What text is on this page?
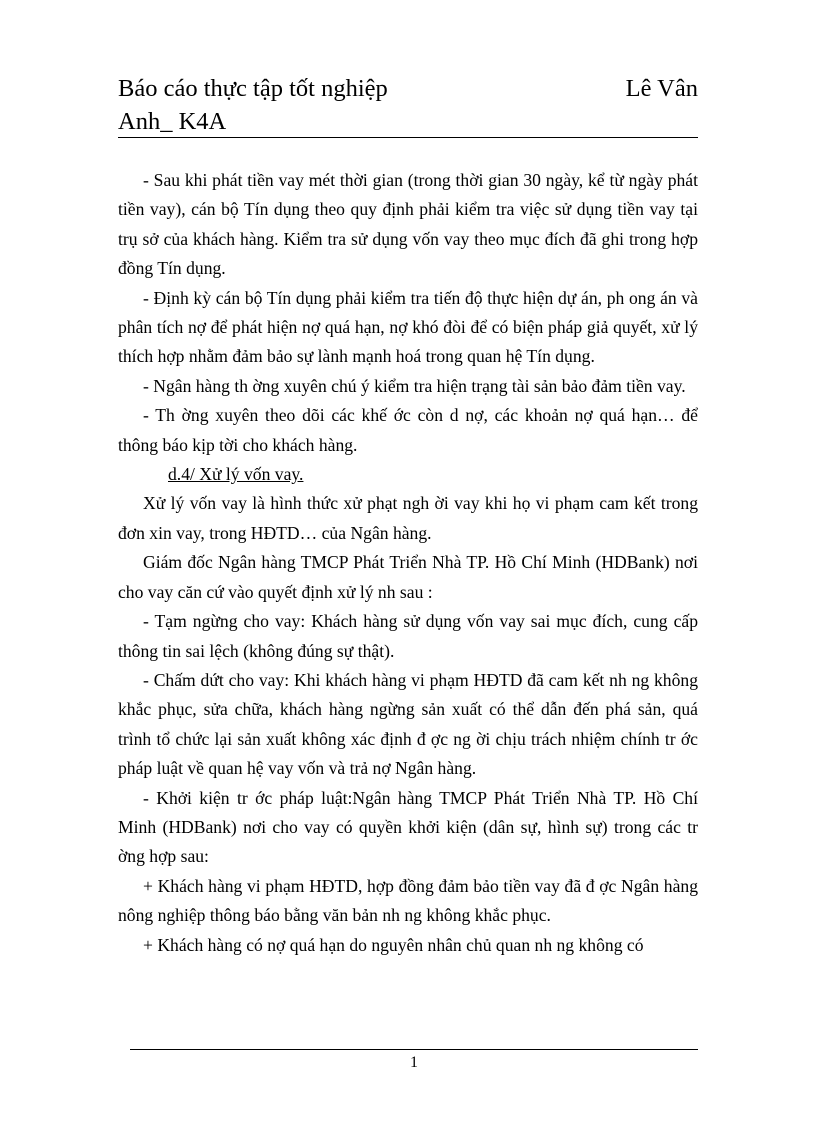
Báo cáo thực tập tốt nghiệp	Lê Vân
Anh_ K4A

- Sau khi phát tiền vay mét thời gian (trong thời gian 30 ngày, kể từ ngày phát tiền vay), cán bộ Tín dụng theo quy định phải kiểm tra việc sử dụng tiền vay tại trụ sở của khách hàng. Kiểm tra sử dụng vốn vay theo mục đích đã ghi trong hợp đồng Tín dụng.

- Định kỳ cán bộ Tín dụng phải kiểm tra tiến độ thực hiện dự án, ph ong án và phân tích nợ để phát hiện nợ quá hạn, nợ khó đòi để có biện pháp giả quyết, xử lý thích hợp nhằm đảm bảo sự lành mạnh hoá trong quan hệ Tín dụng.

- Ngân hàng th ờng xuyên chú ý kiểm tra hiện trạng tài sản bảo đảm tiền vay.

- Th ờng xuyên theo dõi các khế ớc còn d nợ, các khoản nợ quá hạn… để thông báo kịp tời cho khách hàng.

d.4/ Xử lý vốn vay.

Xử lý vốn vay là hình thức xử phạt ngh ời vay khi họ vi phạm cam kết trong đơn xin vay, trong HĐTD… của Ngân hàng.

Giám đốc Ngân hàng TMCP Phát Triển Nhà TP. Hồ Chí Minh (HDBank) nơi cho vay căn cứ vào quyết định xử lý nh sau :

- Tạm ngừng cho vay: Khách hàng sử dụng vốn vay sai mục đích, cung cấp thông tin sai lệch (không đúng sự thật).

- Chấm dứt cho vay: Khi khách hàng vi phạm HĐTD đã cam kết nh ng không khắc phục, sửa chữa, khách hàng ngừng sản xuất có thể dẫn đến phá sản, quá trình tổ chức lại sản xuất không xác định đ ợc ng ời chịu trách nhiệm chính tr ớc pháp luật về quan hệ vay vốn và trả nợ Ngân hàng.

- Khởi kiện tr ớc pháp luật:Ngân hàng TMCP Phát Triển Nhà TP. Hồ Chí Minh (HDBank) nơi cho vay có quyền khởi kiện (dân sự, hình sự) trong các tr ờng hợp sau:

+ Khách hàng vi phạm HĐTD, hợp đồng đảm bảo tiền vay đã đ ợc Ngân hàng nông nghiệp thông báo bằng văn bản nh ng không khắc phục.

+ Khách hàng có nợ quá hạn do nguyên nhân chủ quan nh ng không có

1
